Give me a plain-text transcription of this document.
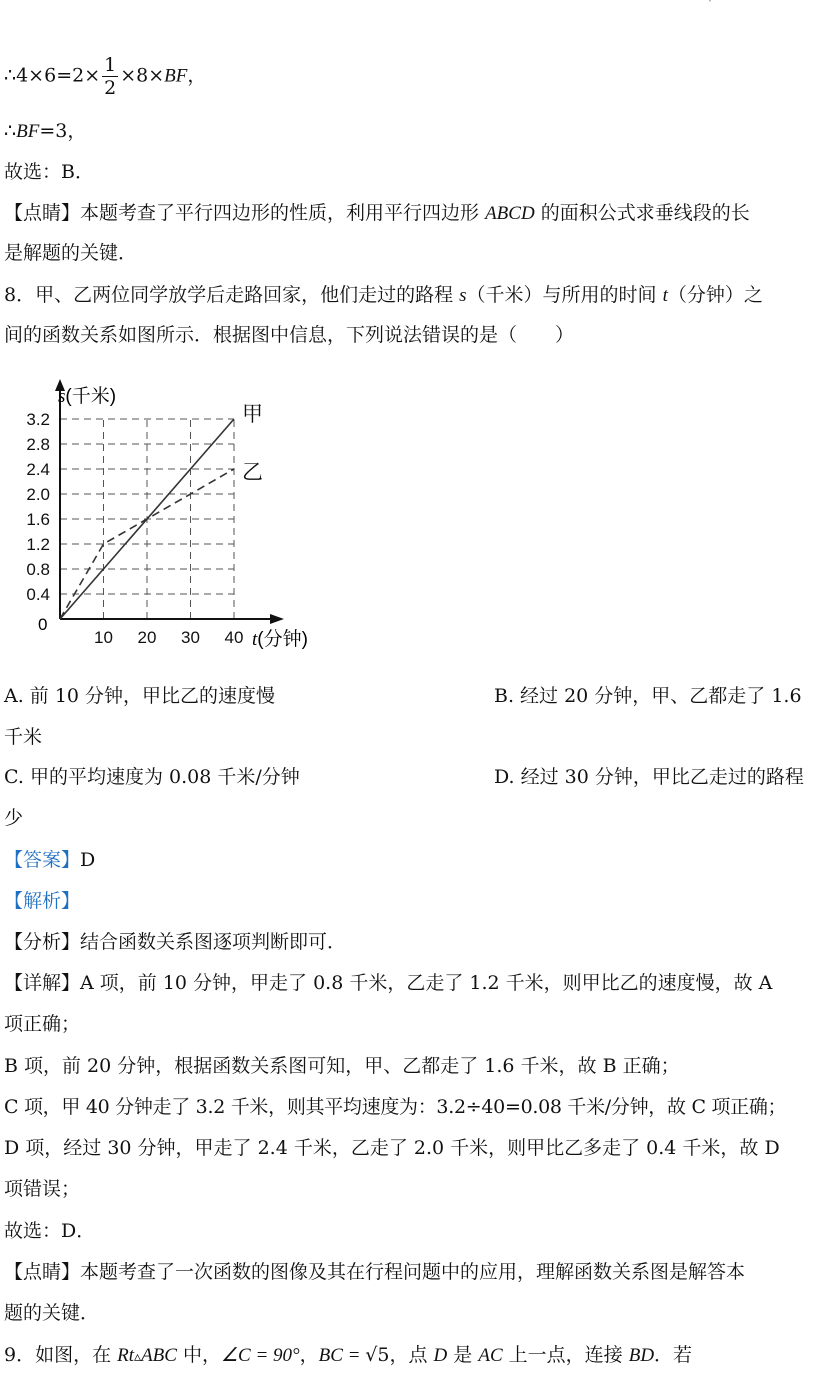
·
∴4×6=2× $\frac{1}{2} \times 8\times BF$，
∴BF=3，
故选：B．
【点睛】本题考查了平行四边形的性质，利用平行四边形 ABCD 的面积公式求垂线段的长
是解题的关键．
8．甲、乙两位同学放学后走路回家，他们走过的路程 s（千米）与所用的时间 t（分钟）之
间的函数关系如图所示．根据图中信息，下列说法错误的是（　　）
0.4
0.8
1.2
1.6
2.0
2.4
2.8
3.2
10 20 30 40
甲
乙
s(千米)
t(分钟)
0
A. 前 10 分钟，甲比乙的速度慢	B. 经过 20 分钟，甲、乙都走了 1.6
千米
C. 甲的平均速度为 0.08 千米/分钟	D. 经过 30 分钟，甲比乙走过的路程
少
【答案】D
【解析】
【分析】结合函数关系图逐项判断即可．
【详解】A 项，前 10 分钟，甲走了 0.8 千米，乙走了 1.2 千米，则甲比乙的速度慢，故 A
项正确；
B 项，前 20 分钟，根据函数关系图可知，甲、乙都走了 1.6 千米，故 B 正确；
C 项，甲 40 分钟走了 3.2 千米，则其平均速度为：3.2÷40=0.08 千米/分钟，故 C 项正确；
D 项，经过 30 分钟，甲走了 2.4 千米，乙走了 2.0 千米，则甲比乙多走了 0.4 千米，故 D
项错误；
故选：D．
【点睛】本题考查了一次函数的图像及其在行程问题中的应用，理解函数关系图是解答本
题的关键．
9．如图，在 Rt▵ABC 中，∠C = 90°，BC = √5，点 D 是 AC 上一点，连接 BD．若
